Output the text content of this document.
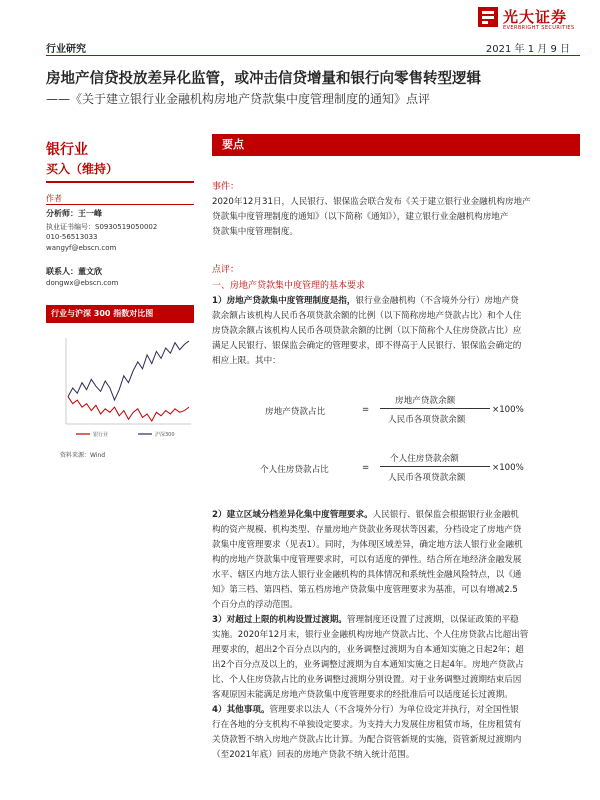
光大证券
EVERBRIGHT SECURITIES
行业研究	2021 年 1 月 9 日
房地产信贷投放差异化监管，或冲击信贷增量和银行向零售转型逻辑
——《关于建立银行业金融机构房地产贷款集中度管理制度的通知》点评
银行业
买入（维持）
作者
分析师：王一峰
执业证书编号：S0930519050002
010-56513033
wangyf@ebscn.com
联系人：董文欣
dongwx@ebscn.com
行业与沪深 300 指数对比图
银行业	沪深300
资料来源：Wind
要点
事件：
2020年12月31日，人民银行、银保监会联合发布《关于建立银行业金融机构房地产
贷款集中度管理制度的通知》（以下简称《通知》），建立银行业金融机构房地产
贷款集中度管理制度。
点评：
一、房地产贷款集中度管理的基本要求
1）房地产贷款集中度管理制度是指，银行业金融机构（不含境外分行）房地产贷
款余额占该机构人民币各项贷款余额的比例（以下简称房地产贷款占比）和个人住
房贷款余额占该机构人民币各项贷款余额的比例（以下简称个人住房贷款占比）应
满足人民银行、银保监会确定的管理要求，即不得高于人民银行、银保监会确定的
相应上限。其中：
房地产贷款占比	=
房地产贷款余额
人民币各项贷款余额
×100%
个人住房贷款占比	=
个人住房贷款余额
人民币各项贷款余额
×100%
2）建立区域分档差异化集中度管理要求。人民银行、银保监会根据银行业金融机
构的资产规模、机构类型、存量房地产贷款业务现状等因素，分档设定了房地产贷
款集中度管理要求（见表1）。同时，为体现区域差异，确定地方法人银行业金融机
构的房地产贷款集中度管理要求时，可以有适度的弹性。结合所在地经济金融发展
水平、辖区内地方法人银行业金融机构的具体情况和系统性金融风险特点，以《通
知》第三档、第四档、第五档房地产贷款集中度管理要求为基准，可以有增减2.5
个百分点的浮动范围。
3）对超过上限的机构设置过渡期。管理制度还设置了过渡期，以保证政策的平稳
实施。2020年12月末，银行业金融机构房地产贷款占比、个人住房贷款占比超出管
理要求的，超出2个百分点以内的，业务调整过渡期为自本通知实施之日起2年；超
出2个百分点及以上的，业务调整过渡期为自本通知实施之日起4年。房地产贷款占
比、个人住房贷款占比的业务调整过渡期分别设置。对于业务调整过渡期结束后因
客观原因未能满足房地产贷款集中度管理要求的经批准后可以适度延长过渡期。
4）其他事项。管理要求以法人（不含境外分行）为单位设定并执行，对全国性银
行在各地的分支机构不单独设定要求。为支持大力发展住房租赁市场，住房租赁有
关贷款暂不纳入房地产贷款占比计算。为配合资管新规的实施，资管新规过渡期内
（至2021年底）回表的房地产贷款不纳入统计范围。
